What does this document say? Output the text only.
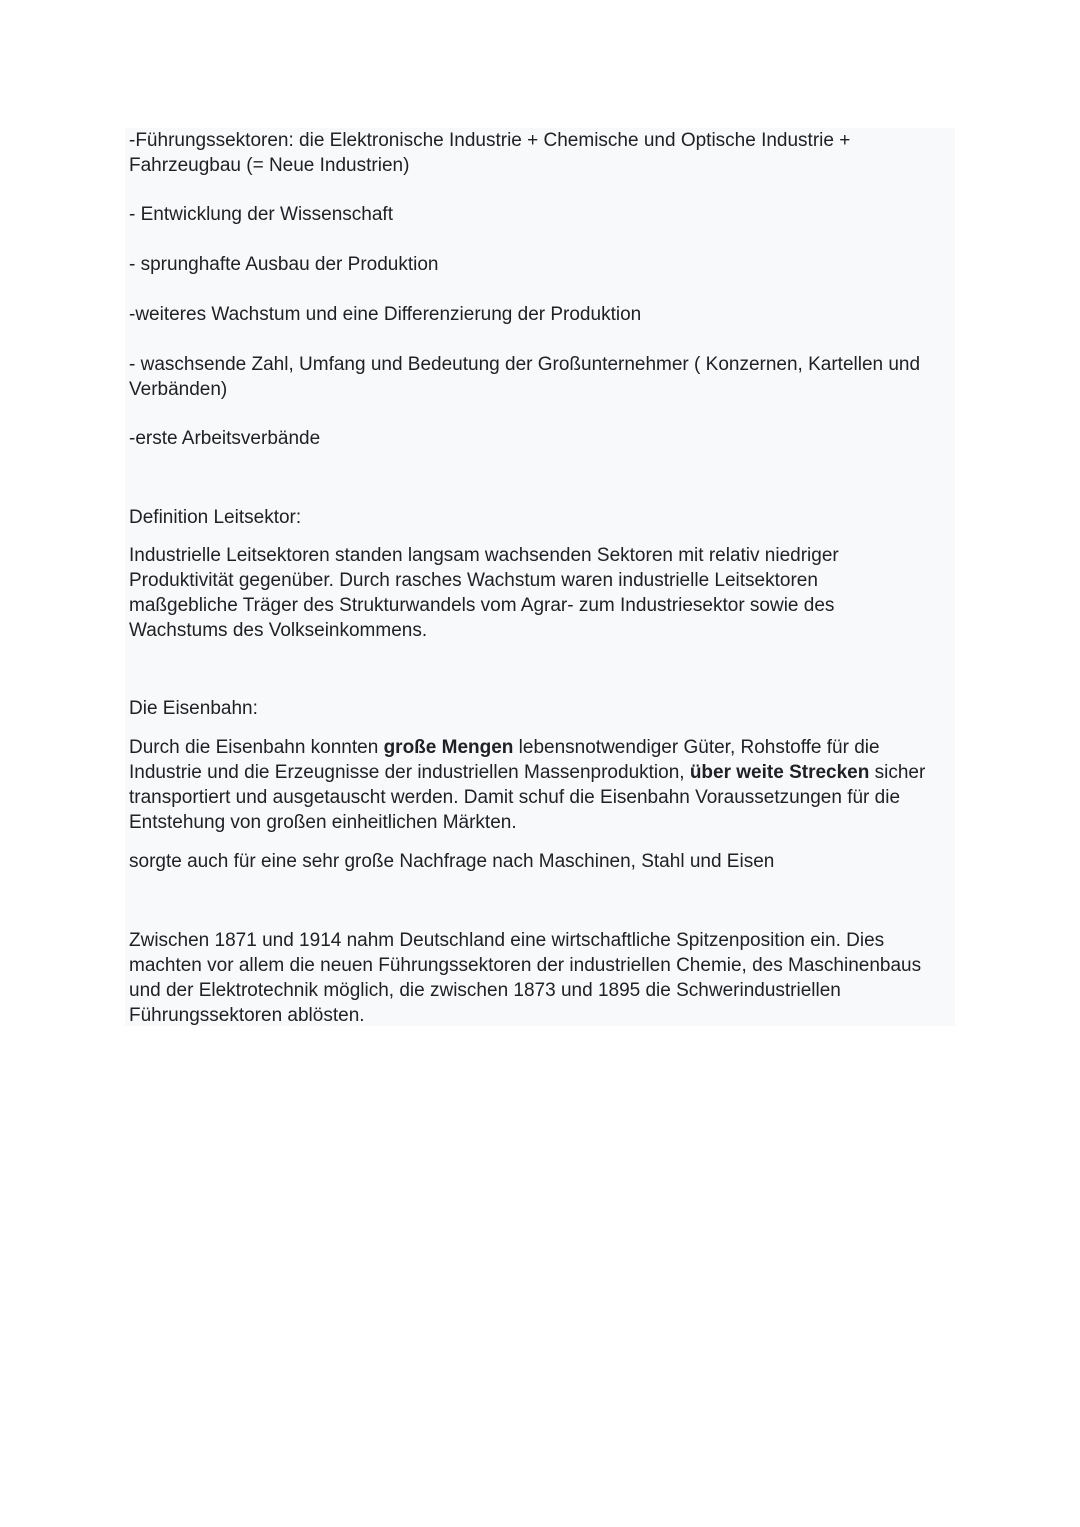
-Führungssektoren: die Elektronische Industrie + Chemische und Optische Industrie + Fahrzeugbau (= Neue Industrien)

- Entwicklung der Wissenschaft

- sprunghafte Ausbau der Produktion

-weiteres Wachstum und eine Differenzierung der Produktion

- waschsende Zahl, Umfang und Bedeutung der Großunternehmer ( Konzernen, Kartellen und Verbänden)

-erste Arbeitsverbände

Definition Leitsektor:

Industrielle Leitsektoren standen langsam wachsenden Sektoren mit relativ niedriger Produktivität gegenüber. Durch rasches Wachstum waren industrielle Leitsektoren maßgebliche Träger des Strukturwandels vom Agrar- zum Industriesektor sowie des Wachstums des Volkseinkommens.

Die Eisenbahn:

Durch die Eisenbahn konnten große Mengen lebensnotwendiger Güter, Rohstoffe für die Industrie und die Erzeugnisse der industriellen Massenproduktion, über weite Strecken sicher transportiert und ausgetauscht werden. Damit schuf die Eisenbahn Voraussetzungen für die Entstehung von großen einheitlichen Märkten.

sorgte auch für eine sehr große Nachfrage nach Maschinen, Stahl und Eisen

Zwischen 1871 und 1914 nahm Deutschland eine wirtschaftliche Spitzenposition ein. Dies machten vor allem die neuen Führungssektoren der industriellen Chemie, des Maschinenbaus und der Elektrotechnik möglich, die zwischen 1873 und 1895 die Schwerindustriellen Führungssektoren ablösten.
